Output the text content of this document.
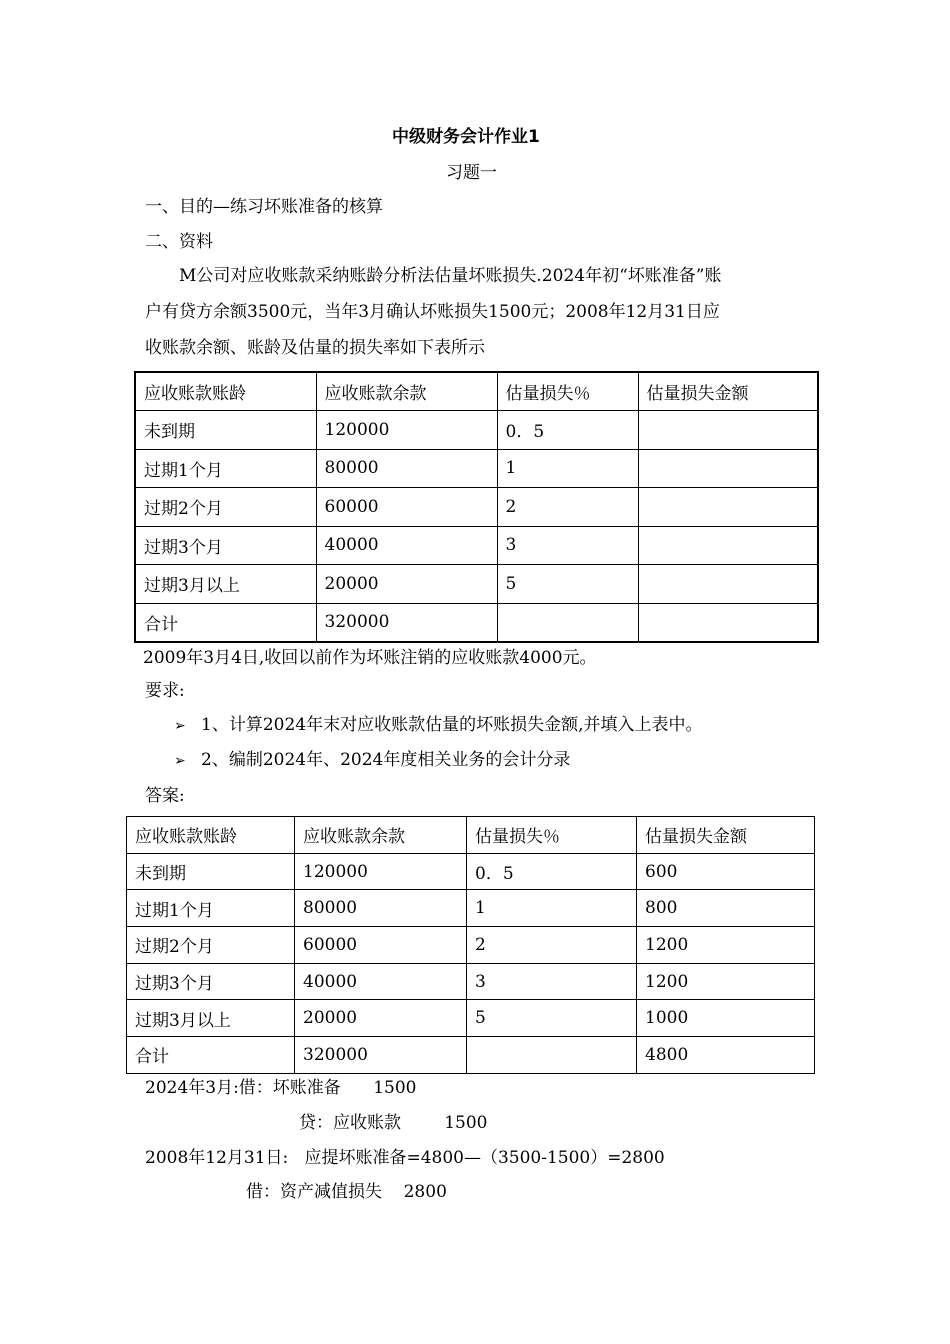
中级财务会计作业1
习题一
一、目的—练习坏账准备的核算
二、资料
M公司对应收账款采纳账龄分析法估量坏账损失.2024年初“坏账准备”账
户有贷方余额3500元，当年3月确认坏账损失1500元；2008年12月31日应
收账款余额、账龄及估量的损失率如下表所示
应收账款账龄	应收账款余款	估量损失％	估量损失金额
未到期	120000	0．5	
过期1个月	80000	1	
过期2个月	60000	2	
过期3个月	40000	3	
过期3月以上	20000	5	
合计	320000		
2009年3月4日,收回以前作为坏账注销的应收账款4000元。
要求:
➢ 1、计算2024年末对应收账款估量的坏账损失金额,并填入上表中。
➢ 2、编制2024年、2024年度相关业务的会计分录
答案:
应收账款账龄	应收账款余款	估量损失％	估量损失金额
未到期	120000	0．5	600
过期1个月	80000	1	800
过期2个月	60000	2	1200
过期3个月	40000	3	1200
过期3月以上	20000	5	1000
合计	320000		4800
2024年3月:借：坏账准备      1500
贷：应收账款        1500
2008年12月31日:   应提坏账准备=4800—（3500-1500）=2800
借：资产减值损失    2800
